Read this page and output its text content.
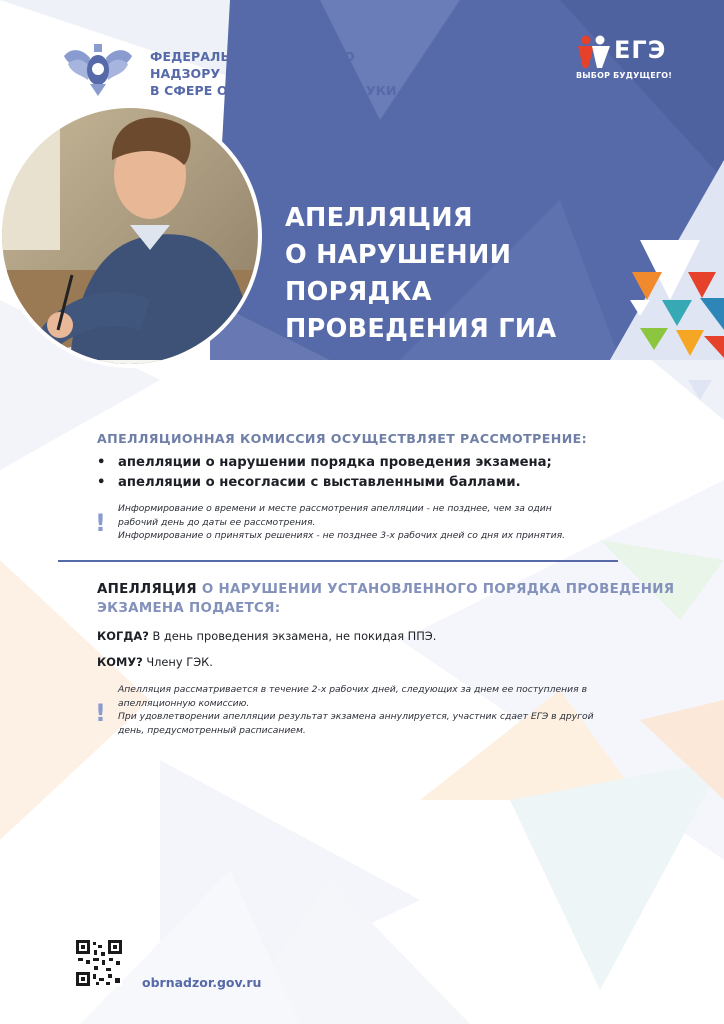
ФЕДЕРАЛЬНАЯ СЛУЖБА ПО НАДЗОРУ
В СФЕРЕ ОБРАЗОВАНИЯ И НАУКИ
ЕГЭ
ВЫБОР БУДУЩЕГО!
АПЕЛЛЯЦИЯ
О НАРУШЕНИИ
ПОРЯДКА
ПРОВЕДЕНИЯ ГИА
АПЕЛЛЯЦИОННАЯ КОМИССИЯ ОСУЩЕСТВЛЯЕТ РАССМОТРЕНИЕ:
• апелляции о нарушении порядка проведения экзамена;
• апелляции о несогласии с выставленными баллами.
!
Информирование о времени и месте рассмотрения апелляции - не позднее, чем за один
рабочий день до даты ее рассмотрения.
Информирование о принятых решениях - не позднее 3-х рабочих дней со дня их принятия.
АПЕЛЛЯЦИЯ О НАРУШЕНИИ УСТАНОВЛЕННОГО ПОРЯДКА ПРОВЕДЕНИЯ
ЭКЗАМЕНА ПОДАЕТСЯ:
КОГДА? В день проведения экзамена, не покидая ППЭ.
КОМУ? Члену ГЭК.
!
Апелляция рассматривается в течение 2-х рабочих дней, следующих за днем ее поступления в
апелляционную комиссию.
При удовлетворении апелляции результат экзамена аннулируется, участник сдает ЕГЭ в другой
день, предусмотренный расписанием.
obrnadzor.gov.ru
